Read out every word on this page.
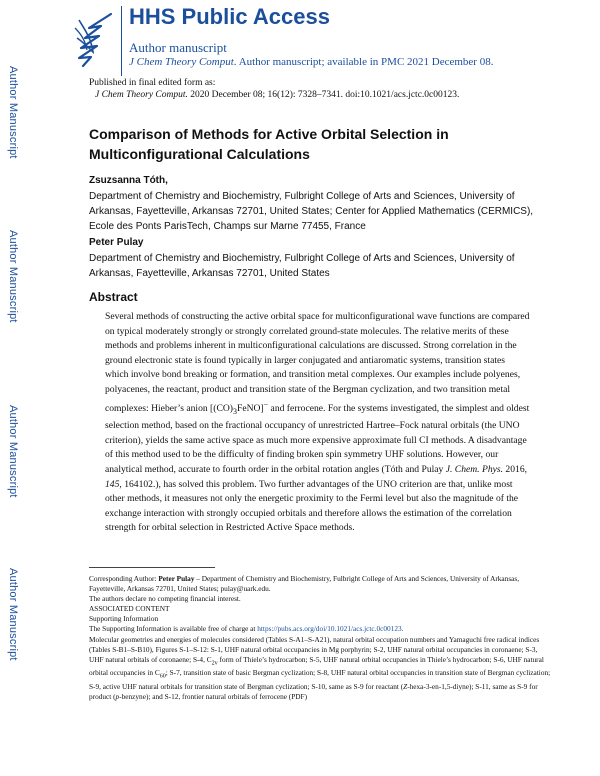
Author Manuscript
Author Manuscript
Author Manuscript
Author Manuscript
HHS Public Access
Author manuscript
J Chem Theory Comput. Author manuscript; available in PMC 2021 December 08.
Published in final edited form as:
J Chem Theory Comput. 2020 December 08; 16(12): 7328–7341. doi:10.1021/acs.jctc.0c00123.
Comparison of Methods for Active Orbital Selection in Multiconfigurational Calculations
Zsuzsanna Tóth,
Department of Chemistry and Biochemistry, Fulbright College of Arts and Sciences, University of Arkansas, Fayetteville, Arkansas 72701, United States; Center for Applied Mathematics (CERMICS), Ecole des Ponts ParisTech, Champs sur Marne 77455, France
Peter Pulay
Department of Chemistry and Biochemistry, Fulbright College of Arts and Sciences, University of Arkansas, Fayetteville, Arkansas 72701, United States
Abstract

Several methods of constructing the active orbital space for multiconfigurational wave functions are compared on typical moderately strongly or strongly correlated ground-state molecules. The relative merits of these methods and problems inherent in multiconfigurational calculations are discussed. Strong correlation in the ground electronic state is found typically in larger conjugated and antiaromatic systems, transition states which involve bond breaking or formation, and transition metal complexes. Our examples include polyenes, polyacenes, the reactant, product and transition state of the Bergman cyclization, and two transition metal complexes: Hieber’s anion $[(CO)_3FeNO]^-$ and ferrocene. For the systems investigated, the simplest and oldest selection method, based on the fractional occupancy of unrestricted Hartree–Fock natural orbitals (the UNO criterion), yields the same active space as much more expensive approximate full CI methods. A disadvantage of this method used to be the difficulty of finding broken spin symmetry UHF solutions. However, our analytical method, accurate to fourth order in the orbital rotation angles (Tóth and Pulay J. Chem. Phys. 2016, 145, 164102.), has solved this problem. Two further advantages of the UNO criterion are that, unlike most other methods, it measures not only the energetic proximity to the Fermi level but also the magnitude of the exchange interaction with strongly occupied orbitals and therefore allows the estimation of the correlation strength for orbital selection in Restricted Active Space methods.

Corresponding Author: Peter Pulay – Department of Chemistry and Biochemistry, Fulbright College of Arts and Sciences, University of Arkansas, Fayetteville, Arkansas 72701, United States; pulay@uark.edu.

The authors declare no competing financial interest.

ASSOCIATED CONTENT

Supporting Information

The Supporting Information is available free of charge at https://pubs.acs.org/doi/10.1021/acs.jctc.0c00123.

Molecular geometries and energies of molecules considered (Tables S-A1–S-A21), natural orbital occupation numbers and Yamaguchi free radical indices (Tables S-B1–S-B10), Figures S-1–S-12: S-1, UHF natural orbital occupancies in Mg porphyrin; S-2, UHF natural orbital occupancies in coronaene; S-3, UHF natural orbitals of coronaene; S-4, $C_{2v}$ form of Thiele’s hydrocarbon; S-5, UHF natural orbital occupancies in Thiele’s hydrocarbon; S-6, UHF natural orbital occupancies in $C_{60}$; S-7, transition state of basic Bergman cyclization; S-8, UHF natural orbital occupancies in transition state of Bergman cyclization; S-9, active UHF natural orbitals for transition state of Bergman cyclization; S-10, same as S-9 for reactant (Z-hexa-3-en-1,5-diyne); S-11, same as S-9 for product (p-benzyne); and S-12, frontier natural orbitals of ferrocene (PDF)
